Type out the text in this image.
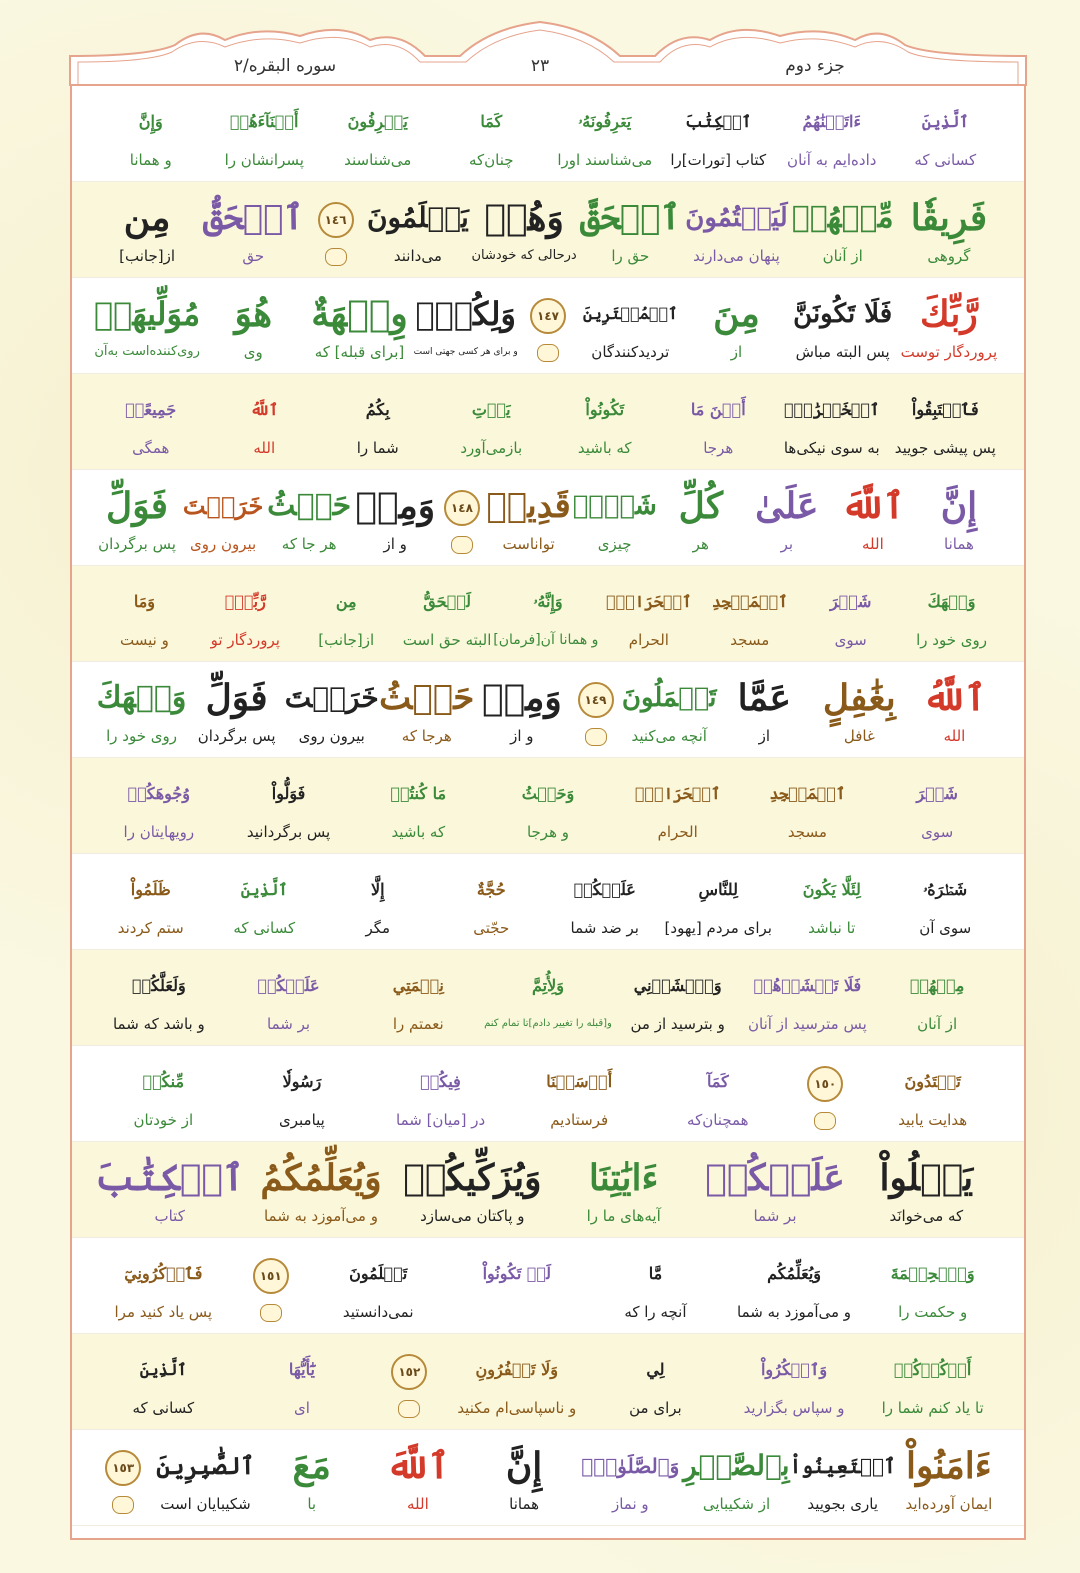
جزء دوم
۲۳
سوره البقره/۲
ٱلَّذِينَ
کسانی که
ءَاتَيۡنَٰهُمُ
داده‌ایم به آنان
ٱلۡكِتَٰبَ
کتاب [تورات]را
يَعۡرِفُونَهُۥ
می‌شناسند اورا
كَمَا
چنان‌که
يَعۡرِفُونَ
می‌شناسند
أَبۡنَآءَهُمۡ
پسرانشان را
وَإِنَّ
و همانا
فَرِيقٗا
گروهی
مِّنۡهُمۡ
از آنان
لَيَكۡتُمُونَ
پنهان می‌دارند
ٱلۡحَقَّ
حق را
وَهُمۡ
درحالی که خودشان
يَعۡلَمُونَ
می‌دانند
١٤٦
ٱلۡحَقُّ
حق
مِن
از[جانب]
رَّبِّكَ
پروردگار توست
فَلَا تَكُونَنَّ
پس البته مباش
مِنَ
از
ٱلۡمُمۡتَرِينَ
تردیدکنندگان
١٤٧
وَلِكُلّٖ
و برای هر کسی جهتی است
وِجۡهَةٌ
[برای قبله] که
هُوَ
وی
مُوَلِّيهَاۖ
روی‌کننده‌است به‌آن
فَٱسۡتَبِقُواْ
پس پیشی جویید
ٱلۡخَيۡرَٰتِۚ
به سوی نیکی‌ها
أَيۡنَ مَا
هرجا
تَكُونُواْ
که باشید
يَأۡتِ
بازمی‌آورد
بِكُمُ
شما را
ٱللَّهُ
الله
جَمِيعًاۚ
همگی
إِنَّ
همانا
ٱللَّهَ
الله
عَلَىٰ
بر
كُلِّ
هر
شَيۡءٖ
چیزی
قَدِيرٞ
تواناست
١٤٨
وَمِنۡ
و از
حَيۡثُ
هر جا که
خَرَجۡتَ
بیرون روی
فَوَلِّ
پس برگردان
وَجۡهَكَ
روی خود را
شَطۡرَ
سوی
ٱلۡمَسۡجِدِ
مسجد
ٱلۡحَرَامِۖ
الحرام
وَإِنَّهُۥ
و همانا آن[فرمان]
لَلۡحَقُّ
البته حق است
مِن
از[جانب]
رَّبِّكَۗ
پروردگار تو
وَمَا
و نیست
ٱللَّهُ
الله
بِغَٰفِلٍ
غافل
عَمَّا
از
تَعۡمَلُونَ
آنچه می‌کنید
١٤٩
وَمِنۡ
و از
حَيۡثُ
هرجا که
خَرَجۡتَ
بیرون روی
فَوَلِّ
پس برگردان
وَجۡهَكَ
روی خود را
شَطۡرَ
سوی
ٱلۡمَسۡجِدِ
مسجد
ٱلۡحَرَامِۚ
الحرام
وَحَيۡثُ
و هرجا
مَا كُنتُمۡ
که باشید
فَوَلُّواْ
پس برگردانید
وُجُوهَكُمۡ
رویهایتان را
شَطۡرَهُۥ
سوی آن
لِئَلَّا يَكُونَ
تا نباشد
لِلنَّاسِ
برای مردم [یهود]
عَلَيۡكُمۡ
بر ضد شما
حُجَّةٌ
حجّتی
إِلَّا
مگر
ٱلَّذِينَ
کسانی که
ظَلَمُواْ
ستم کردند
مِنۡهُمۡ
از آنان
فَلَا تَخۡشَوۡهُمۡ
پس مترسید از آنان
وَٱخۡشَوۡنِي
و بترسید از من
وَلِأُتِمَّ
و[قبله را تغییر دادم]تا تمام کنم
نِعۡمَتِي
نعمتم را
عَلَيۡكُمۡ
بر شما
وَلَعَلَّكُمۡ
و باشد که شما
تَهۡتَدُونَ
هدایت یابید
١٥٠
كَمَآ
همچنان‌که
أَرۡسَلۡنَا
فرستادیم
فِيكُمۡ
در [میان] شما
رَسُولٗا
پیامبری
مِّنكُمۡ
از خودتان
يَتۡلُواْ
که می‌خوانَد
عَلَيۡكُمۡ
بر شما
ءَايَٰتِنَا
آیه‌های ما را
وَيُزَكِّيكُمۡ
و پاکتان می‌سازد
وَيُعَلِّمُكُمُ
و می‌آموزد به شما
ٱلۡكِتَٰبَ
کتاب
وَٱلۡحِكۡمَةَ
و حکمت را
وَيُعَلِّمُكُم
و می‌آموزد به شما
مَّا
آنچه را که
لَمۡ تَكُونُواْ
تَعۡلَمُونَ
نمی‌دانستید
١٥١
فَٱذۡكُرُونِيٓ
پس یاد کنید مرا
أَذۡكُرۡكُمۡ
تا یاد کنم شما را
وَٱشۡكُرُواْ
و سپاس بگزارید
لِي
برای من
وَلَا تَكۡفُرُونِ
و ناسپاسی‌ام مکنید
١٥٢
يَٰٓأَيُّهَا
ای
ٱلَّذِينَ
کسانی که
ءَامَنُواْ
ایمان آورده‌اید
ٱسۡتَعِينُواْ
یاری بجویید
بِٱلصَّبۡرِ
از شکیبایی
وَٱلصَّلَوٰةِۚ
و نماز
إِنَّ
همانا
ٱللَّهَ
الله
مَعَ
با
ٱلصَّٰبِرِينَ
شکیبایان است
١٥٣
